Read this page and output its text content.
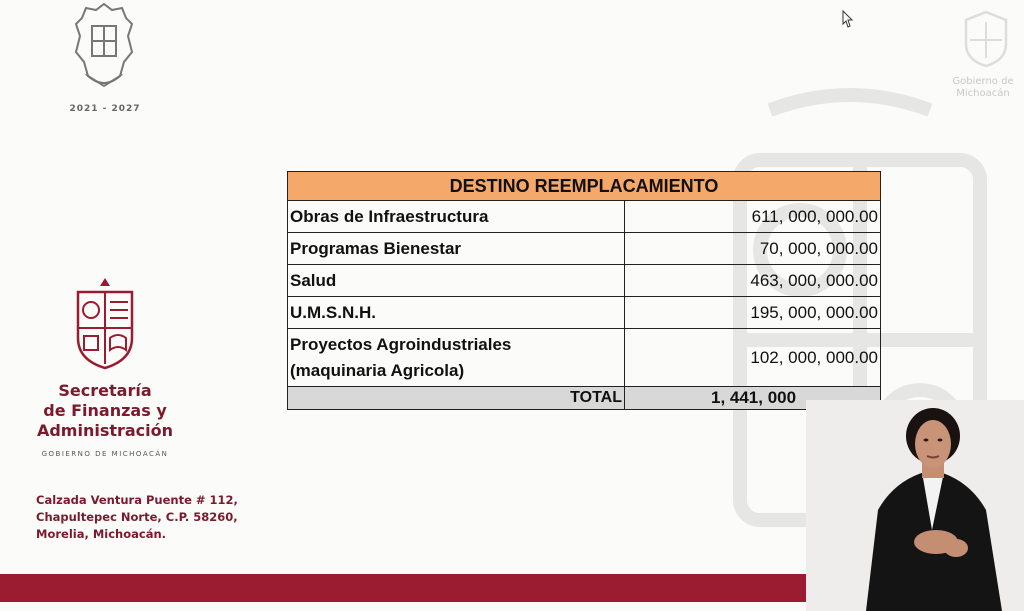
2021 - 2027
Gobierno de Michoacán
Secretaría
de Finanzas y
Administración
GOBIERNO DE MICHOACÁN
Calzada Ventura Puente # 112,
Chapultepec Norte, C.P. 58260,
Morelia, Michoacán.
DESTINO REEMPLACAMIENTO	
Obras de Infraestructura	611, 000, 000.00
Programas Bienestar	70, 000, 000.00
Salud	463, 000, 000.00
U.M.S.N.H.	195, 000, 000.00

Proyectos Agroindustriales
(maquinaria Agricola)	102, 000, 000.00
TOTAL	1, 441, 000
